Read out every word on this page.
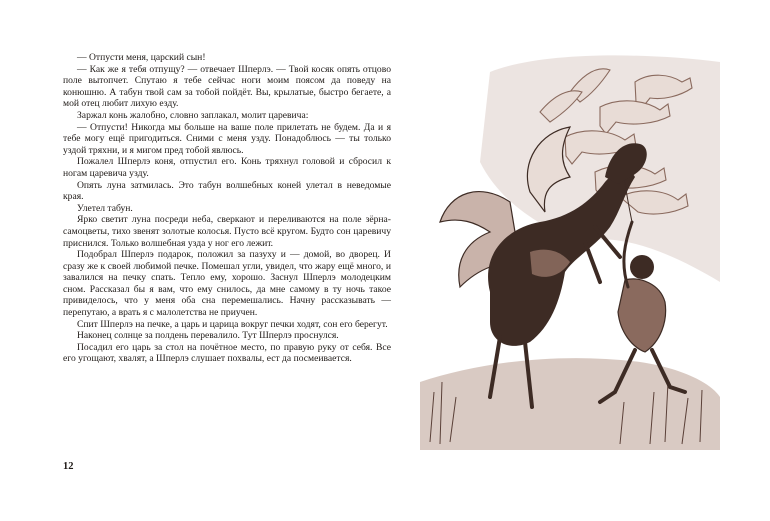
— Отпусти меня, царский сын!

— Как же я тебя отпущу? — отвечает Шперлэ. — Твой косяк опять отцово поле вытопчет. Спутаю я тебе сейчас ноги моим поясом да поведу на конюшню. А табун твой сам за тобой пойдёт. Вы, крылатые, быстро бегаете, а мой отец любит лихую езду.

Заржал конь жалобно, словно заплакал, молит царевича:

— Отпусти! Никогда мы больше на ваше поле прилетать не будем. Да и я тебе могу ещё пригодиться. Сними с меня узду. Понадоблюсь — ты только уздой тряхни, и я мигом пред тобой явлюсь.

Пожалел Шперлэ коня, отпустил его. Конь тряхнул головой и сбросил к ногам царевича узду.

Опять луна затмилась. Это табун волшебных коней улетал в неведомые края.

Улетел табун.

Ярко светит луна посреди неба, сверкают и переливаются на поле зёрна-самоцветы, тихо звенят золотые колосья. Пусто всё кругом. Будто сон царевичу приснился. Только волшебная узда у ног его лежит.

Подобрал Шперлэ подарок, положил за пазуху и — домой, во дворец. И сразу же к своей любимой печке. Помешал угли, увидел, что жару ещё много, и завалился на печку спать. Тепло ему, хорошо. Заснул Шперлэ молодецким сном. Рассказал бы я вам, что ему снилось, да мне самому в ту ночь такое привиделось, что у меня оба сна перемешались. Начну рассказывать — перепутаю, а врать я с малолетства не приучен.

Спит Шперлэ на печке, а царь и царица вокруг печки ходят, сон его берегут.

Наконец солнце за полдень перевалило. Тут Шперлэ проснулся.

Посадил его царь за стол на почётное место, по правую руку от себя. Все его угощают, хвалят, а Шперлэ слушает похвалы, ест да посмеивается.

12
